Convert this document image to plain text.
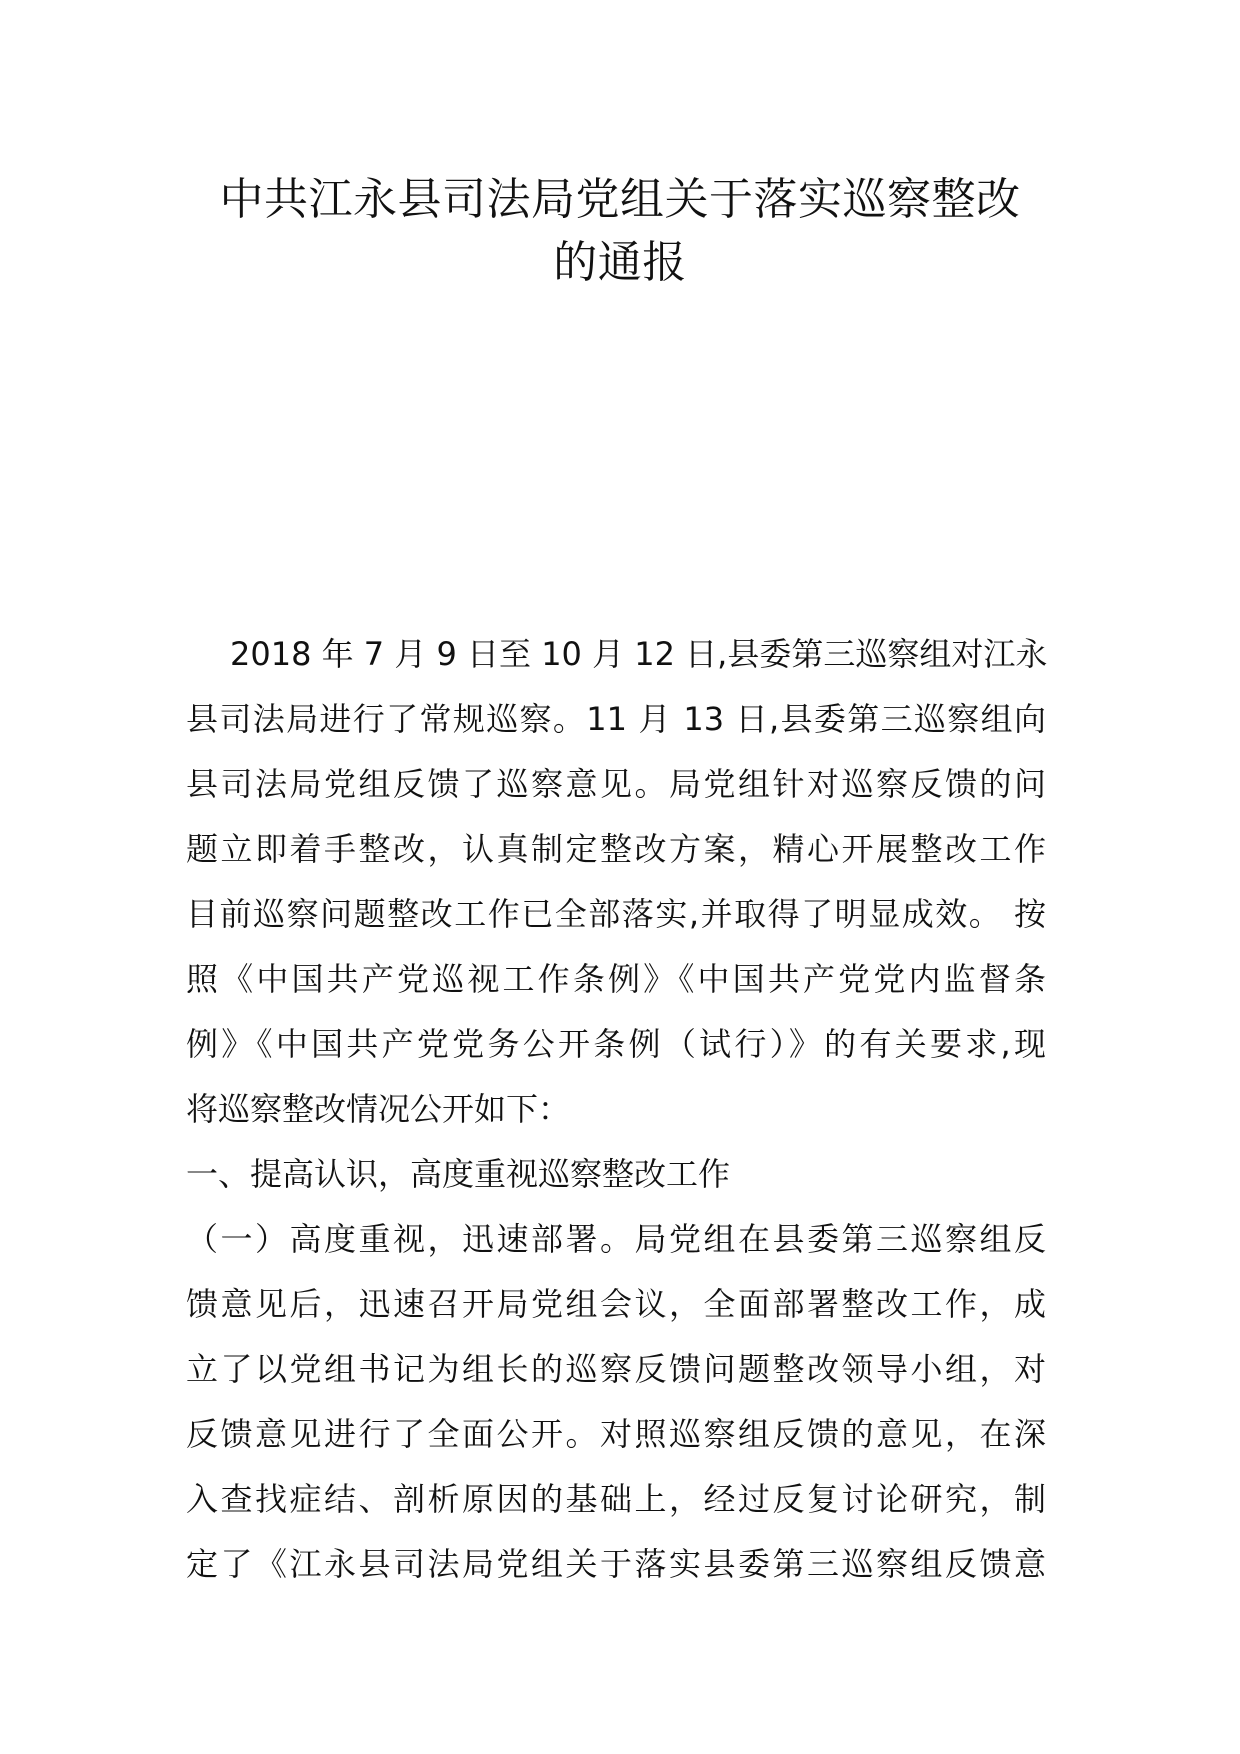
中共江永县司法局党组关于落实巡察整改
的通报
2018 年 7 月 9 日至 10 月 12 日,县委第三巡察组对江永
县司法局进行了常规巡察。11 月 13 日,县委第三巡察组向
县司法局党组反馈了巡察意见。局党组针对巡察反馈的问
题立即着手整改，认真制定整改方案，精心开展整改工作
目前巡察问题整改工作已全部落实,并取得了明显成效。 按
照《中国共产党巡视工作条例》《中国共产党党内监督条
例》《中国共产党党务公开条例（试行）》的有关要求,现
将巡察整改情况公开如下：
一、提高认识，高度重视巡察整改工作
（一）高度重视，迅速部署。局党组在县委第三巡察组反
馈意见后，迅速召开局党组会议，全面部署整改工作，成
立了以党组书记为组长的巡察反馈问题整改领导小组，对
反馈意见进行了全面公开。对照巡察组反馈的意见，在深
入查找症结、剖析原因的基础上，经过反复讨论研究，制
定了《江永县司法局党组关于落实县委第三巡察组反馈意
